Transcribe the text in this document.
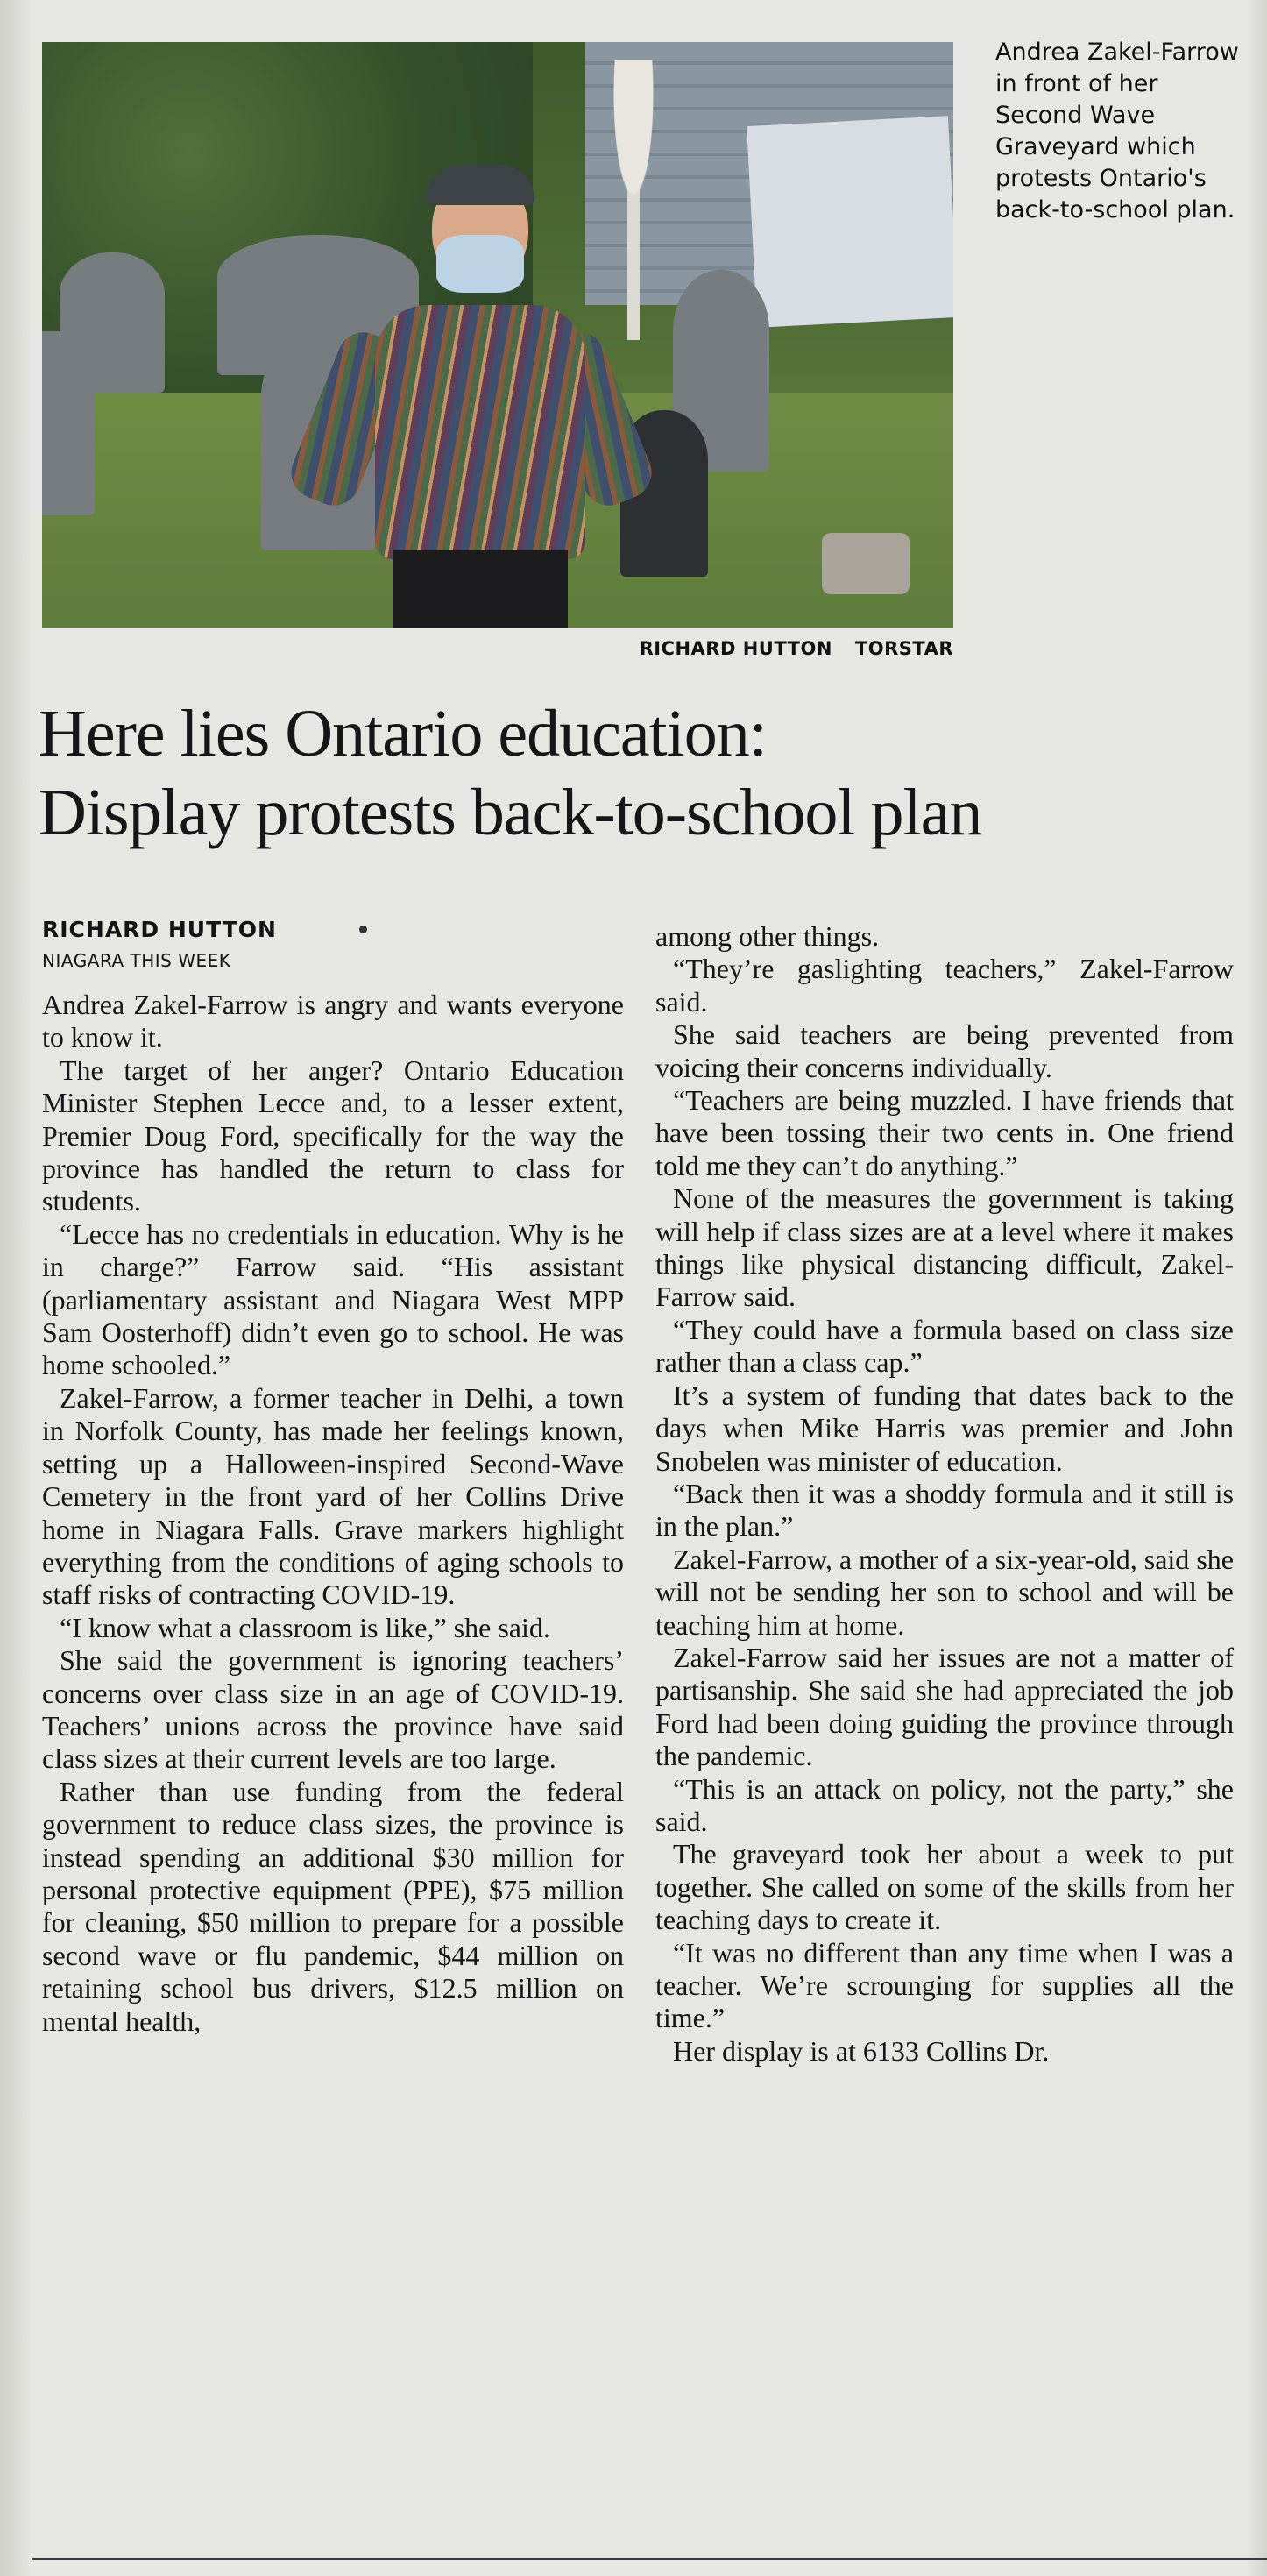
Andrea Zakel-Farrow in front of her Second Wave Graveyard which protests Ontario's back-to-school plan.
RICHARD HUTTON TORSTAR
Here lies Ontario education:
Display protests back-to-school plan
RICHARD HUTTON
NIAGARA THIS WEEK

Andrea Zakel-Farrow is angry and wants everyone to know it.

The target of her anger? Ontario Education Minister Stephen Lecce and, to a lesser extent, Premier Doug Ford, specifically for the way the province has handled the return to class for students.

“Lecce has no credentials in education. Why is he in charge?” Farrow said. “His assistant (parliamentary assistant and Niagara West MPP Sam Oosterhoff) didn’t even go to school. He was home schooled.”

Zakel-Farrow, a former teacher in Delhi, a town in Norfolk County, has made her feelings known, setting up a Halloween-inspired Second-Wave Cemetery in the front yard of her Collins Drive home in Niagara Falls. Grave markers highlight everything from the conditions of aging schools to staff risks of contracting COVID-19.

“I know what a classroom is like,” she said.

She said the government is ignoring teachers’ concerns over class size in an age of COVID-19. Teachers’ unions across the province have said class sizes at their current levels are too large.

Rather than use funding from the federal government to reduce class sizes, the province is instead spending an additional $30 million for personal protective equipment (PPE), $75 million for cleaning, $50 million to prepare for a possible second wave or flu pandemic, $44 million on retaining school bus drivers, $12.5 million on mental health,

among other things.

“They’re gaslighting teachers,” Zakel-Farrow said.

She said teachers are being prevented from voicing their concerns individually.

“Teachers are being muzzled. I have friends that have been tossing their two cents in. One friend told me they can’t do anything.”

None of the measures the government is taking will help if class sizes are at a level where it makes things like physical distancing difficult, Zakel-Farrow said.

“They could have a formula based on class size rather than a class cap.”

It’s a system of funding that dates back to the days when Mike Harris was premier and John Snobelen was minister of education.

“Back then it was a shoddy formula and it still is in the plan.”

Zakel-Farrow, a mother of a six-year-old, said she will not be sending her son to school and will be teaching him at home.

Zakel-Farrow said her issues are not a matter of partisanship. She said she had appreciated the job Ford had been doing guiding the province through the pandemic.

“This is an attack on policy, not the party,” she said.

The graveyard took her about a week to put together. She called on some of the skills from her teaching days to create it.

“It was no different than any time when I was a teacher. We’re scrounging for supplies all the time.”

Her display is at 6133 Collins Dr.
